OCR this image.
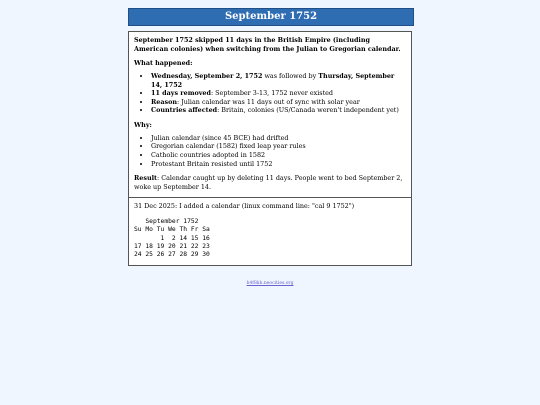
September 1752

September 1752 skipped 11 days in the British Empire (including American colonies) when switching from the Julian to Gregorian calendar.

What happened:

• Wednesday, September 2, 1752 was followed by Thursday, September 14, 1752
• 11 days removed: September 3-13, 1752 never existed
• Reason: Julian calendar was 11 days out of sync with solar year
• Countries affected: Britain, colonies (US/Canada weren't independent yet)

Why:

• Julian calendar (since 45 BCE) had drifted
• Gregorian calendar (1582) fixed leap year rules
• Catholic countries adopted in 1582
• Protestant Britain resisted until 1752

Result: Calendar caught up by deleting 11 days. People went to bed September 2, woke up September 14.

31 Dec 2025: I added a calendar (linux command line: "cal 9 1752")

September 1752
Su Mo Tu We Th Fr Sa
1  2 14 15 16
17 18 19 20 21 22 23
24 25 26 27 28 29 30
b4f8kb.neocities.org
